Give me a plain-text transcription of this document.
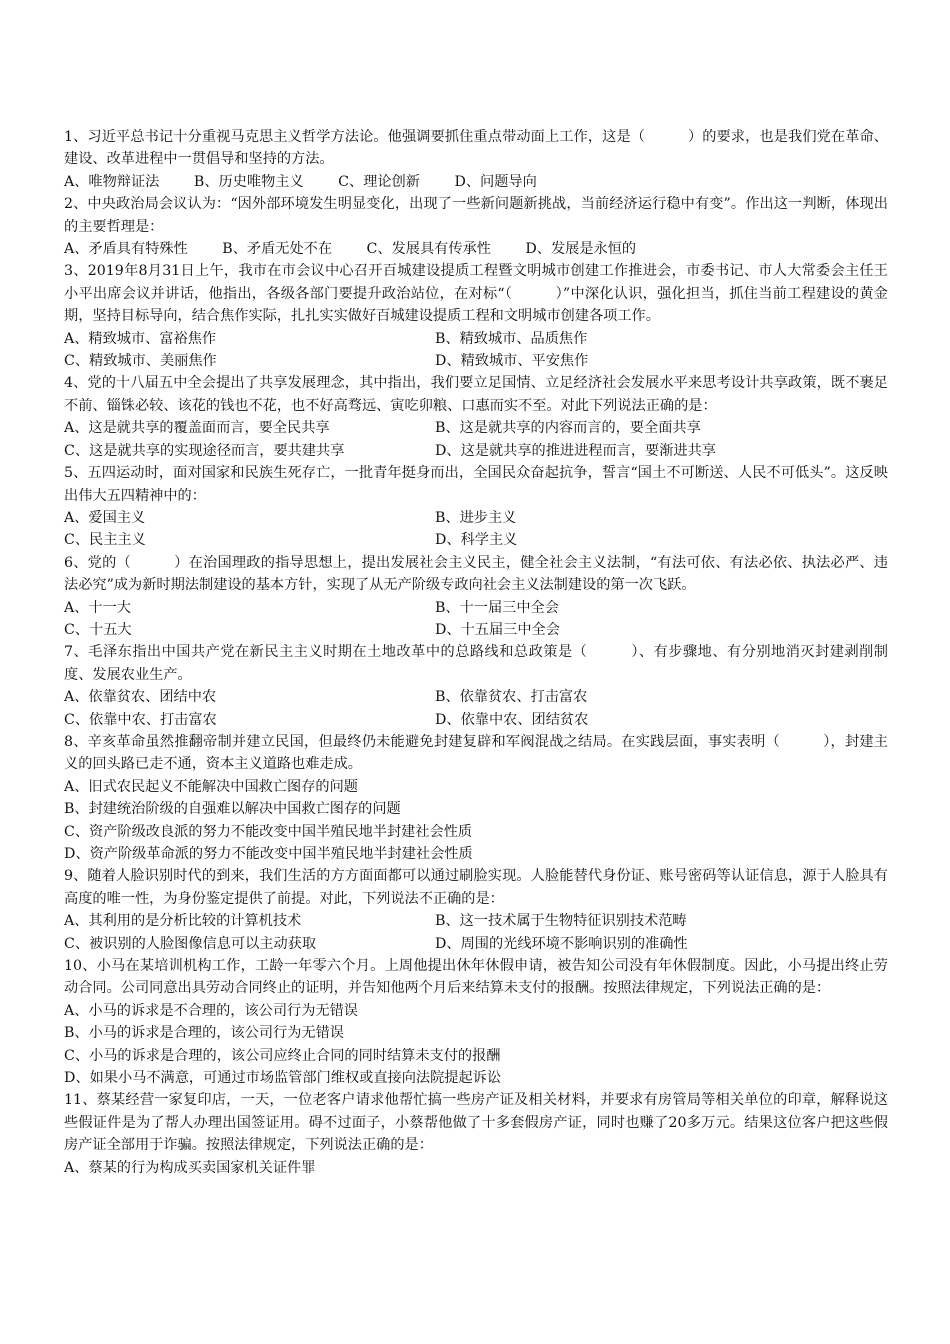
1、习近平总书记十分重视马克思主义哲学方法论。他强调要抓住重点带动面上工作，这是（　　　）的要求，也是我们党在革命、建设、改革进程中一贯倡导和坚持的方法。

A、唯物辩证法 B、历史唯物主义 C、理论创新 D、问题导向

2、中央政治局会议认为：“因外部环境发生明显变化，出现了一些新问题新挑战，当前经济运行稳中有变”。作出这一判断，体现出的主要哲理是：

A、矛盾具有特殊性 B、矛盾无处不在 C、发展具有传承性 D、发展是永恒的

3、2019年8月31日上午，我市在市会议中心召开百城建设提质工程暨文明城市创建工作推进会，市委书记、市人大常委会主任王小平出席会议并讲话，他指出，各级各部门要提升政治站位，在对标“（　　　）”中深化认识，强化担当，抓住当前工程建设的黄金期，坚持目标导向，结合焦作实际，扎扎实实做好百城建设提质工程和文明城市创建各项工作。

A、精致城市、富裕焦作	B、精致城市、品质焦作
C、精致城市、美丽焦作	D、精致城市、平安焦作

4、党的十八届五中全会提出了共享发展理念，其中指出，我们要立足国情、立足经济社会发展水平来思考设计共享政策，既不裹足不前、锱铢必较、该花的钱也不花，也不好高骛远、寅吃卯粮、口惠而实不至。对此下列说法正确的是：

A、这是就共享的覆盖面而言，要全民共享	B、这是就共享的内容而言的，要全面共享
C、这是就共享的实现途径而言，要共建共享	D、这是就共享的推进进程而言，要渐进共享

5、五四运动时，面对国家和民族生死存亡，一批青年挺身而出，全国民众奋起抗争，誓言“国土不可断送、人民不可低头”。这反映出伟大五四精神中的：

A、爱国主义	B、进步主义
C、民主主义	D、科学主义

6、党的（　　　）在治国理政的指导思想上，提出发展社会主义民主，健全社会主义法制，“有法可依、有法必依、执法必严、违法必究”成为新时期法制建设的基本方针，实现了从无产阶级专政向社会主义法制建设的第一次飞跃。

A、十一大	B、十一届三中全会
C、十五大	D、十五届三中全会

7、毛泽东指出中国共产党在新民主主义时期在土地改革中的总路线和总政策是（　　　）、有步骤地、有分别地消灭封建剥削制度、发展农业生产。

A、依靠贫农、团结中农	B、依靠贫农、打击富农
C、依靠中农、打击富农	D、依靠中农、团结贫农

8、辛亥革命虽然推翻帝制并建立民国，但最终仍未能避免封建复辟和军阀混战之结局。在实践层面，事实表明（　　　），封建主义的回头路已走不通，资本主义道路也难走成。

A、旧式农民起义不能解决中国救亡图存的问题
B、封建统治阶级的自强难以解决中国救亡图存的问题
C、资产阶级改良派的努力不能改变中国半殖民地半封建社会性质
D、资产阶级革命派的努力不能改变中国半殖民地半封建社会性质

9、随着人脸识别时代的到来，我们生活的方方面面都可以通过刷脸实现。人脸能替代身份证、账号密码等认证信息，源于人脸具有高度的唯一性，为身份鉴定提供了前提。对此，下列说法不正确的是：

A、其利用的是分析比较的计算机技术	B、这一技术属于生物特征识别技术范畴
C、被识别的人脸图像信息可以主动获取	D、周围的光线环境不影响识别的准确性

10、小马在某培训机构工作，工龄一年零六个月。上周他提出休年休假申请，被告知公司没有年休假制度。因此，小马提出终止劳动合同。公司同意出具劳动合同终止的证明，并告知他两个月后来结算未支付的报酬。按照法律规定，下列说法正确的是：

A、小马的诉求是不合理的，该公司行为无错误
B、小马的诉求是合理的，该公司行为无错误
C、小马的诉求是合理的，该公司应终止合同的同时结算未支付的报酬
D、如果小马不满意，可通过市场监管部门维权或直接向法院提起诉讼

11、蔡某经营一家复印店，一天，一位老客户请求他帮忙搞一些房产证及相关材料，并要求有房管局等相关单位的印章，解释说这些假证件是为了帮人办理出国签证用。碍不过面子，小蔡帮他做了十多套假房产证，同时也赚了20多万元。结果这位客户把这些假房产证全部用于诈骗。按照法律规定，下列说法正确的是：

A、蔡某的行为构成买卖国家机关证件罪
